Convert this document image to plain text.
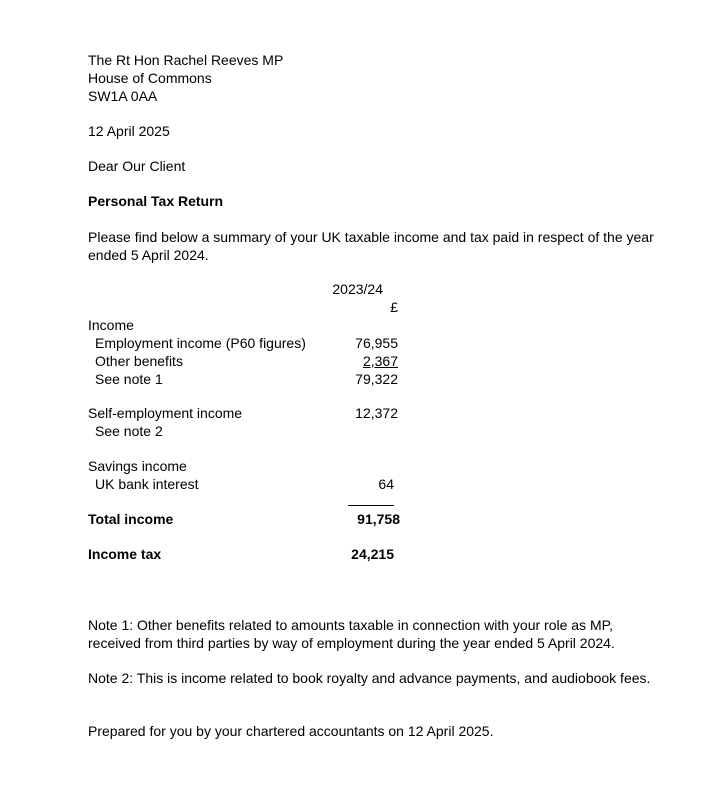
The Rt Hon Rachel Reeves MP
House of Commons
SW1A 0AA
12 April 2025
Dear Our Client
Personal Tax Return
Please find below a summary of your UK taxable income and tax paid in respect of the year
ended 5 April 2024.
2023/24
£
Income
Employment income (P60 figures)	76,955
Other benefits	2,367
See note 1	79,322
Self-employment income	12,372
See note 2
Savings income
UK bank interest	64
Total income	91,758
Income tax	24,215
Note 1: Other benefits related to amounts taxable in connection with your role as MP,
received from third parties by way of employment during the year ended 5 April 2024.
Note 2: This is income related to book royalty and advance payments, and audiobook fees.
Prepared for you by your chartered accountants on 12 April 2025.
